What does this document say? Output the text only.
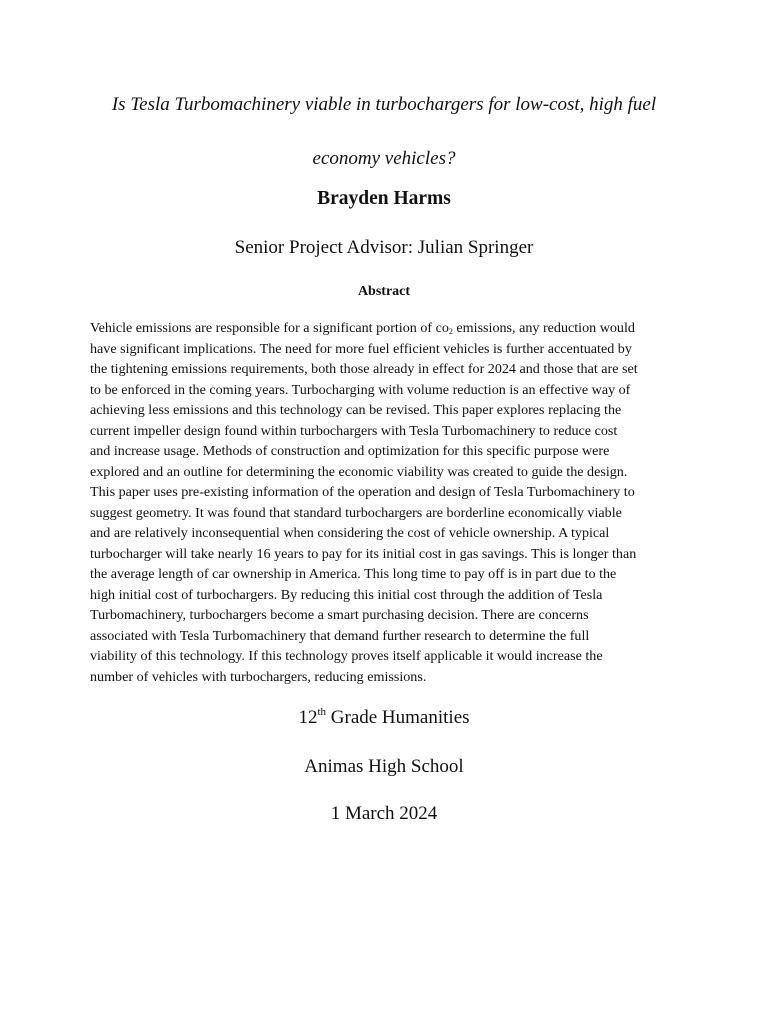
Is Tesla Turbomachinery viable in turbochargers for low-cost, high fuel
economy vehicles?
Brayden Harms
Senior Project Advisor: Julian Springer
Abstract
Vehicle emissions are responsible for a significant portion of $co_2$ emissions, any reduction would
have significant implications. The need for more fuel efficient vehicles is further accentuated by
the tightening emissions requirements, both those already in effect for 2024 and those that are set
to be enforced in the coming years. Turbocharging with volume reduction is an effective way of
achieving less emissions and this technology can be revised. This paper explores replacing the
current impeller design found within turbochargers with Tesla Turbomachinery to reduce cost
and increase usage. Methods of construction and optimization for this specific purpose were
explored and an outline for determining the economic viability was created to guide the design.
This paper uses pre-existing information of the operation and design of Tesla Turbomachinery to
suggest geometry. It was found that standard turbochargers are borderline economically viable
and are relatively inconsequential when considering the cost of vehicle ownership. A typical
turbocharger will take nearly 16 years to pay for its initial cost in gas savings. This is longer than
the average length of car ownership in America. This long time to pay off is in part due to the
high initial cost of turbochargers. By reducing this initial cost through the addition of Tesla
Turbomachinery, turbochargers become a smart purchasing decision. There are concerns
associated with Tesla Turbomachinery that demand further research to determine the full
viability of this technology. If this technology proves itself applicable it would increase the
number of vehicles with turbochargers, reducing emissions.
12th Grade Humanities
Animas High School
1 March 2024
